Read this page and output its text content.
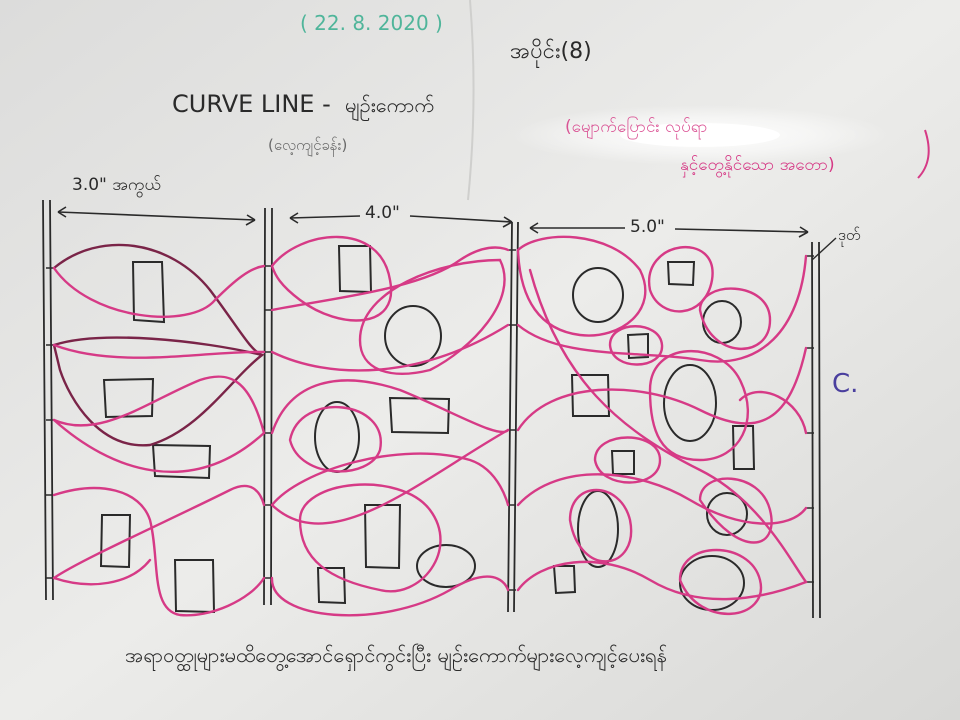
( 22. 8. 2020 )
အပိုင်း(8)
CURVE LINE - မျဉ်းကောက်
(လေ့ကျင့်ခန်း)
(မျောက်ပြောင်း လုပ်ရာ
နှင့်တွေ့နိုင်သော အတော)
3.0" အကွယ်
4.0"
5.0"	ဒုတ်
C.
အရာဝတ္ထုများမထိတွေ့အောင်ရှောင်ကွင်းပြီး မျဉ်းကောက်များလေ့ကျင့်ပေးရန်
